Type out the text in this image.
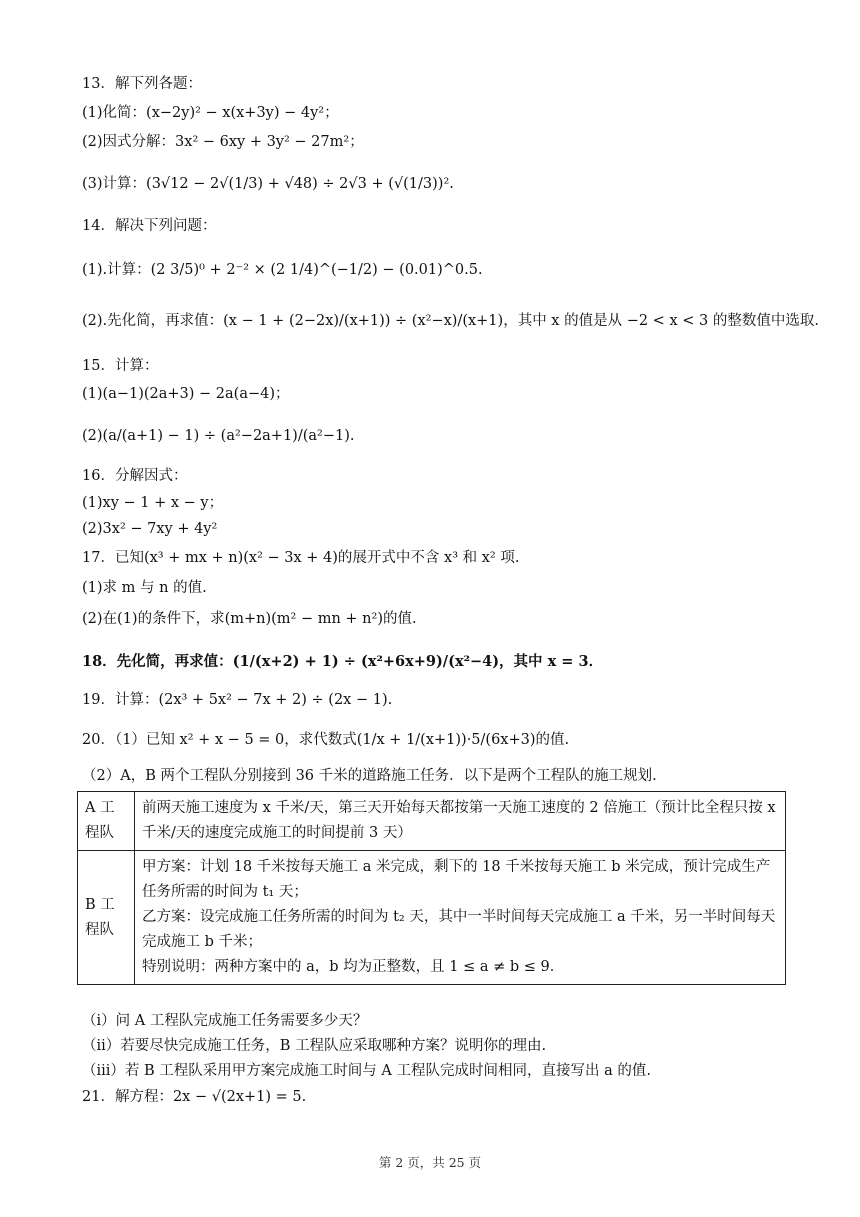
13．解下列各题：
(1)化简：(x−2y)² − x(x+3y) − 4y²；
(2)因式分解：3x² − 6xy + 3y² − 27m²；
(3)计算：(3√12 − 2√(1/3) + √48) ÷ 2√3 + (√(1/3))².
14．解决下列问题：
(1).计算：(2 3/5)⁰ + 2⁻² × (2 1/4)^(−1/2) − (0.01)^0.5.
(2).先化简，再求值：(x − 1 + (2−2x)/(x+1)) ÷ (x²−x)/(x+1)，其中 x 的值是从 −2 < x < 3 的整数值中选取.
15．计算：
(1)(a−1)(2a+3) − 2a(a−4)；
(2)(a/(a+1) − 1) ÷ (a²−2a+1)/(a²−1).
16．分解因式：
(1)xy − 1 + x − y；
(2)3x² − 7xy + 4y²
17．已知(x³ + mx + n)(x² − 3x + 4)的展开式中不含 x³ 和 x² 项.
(1)求 m 与 n 的值.
(2)在(1)的条件下，求(m+n)(m² − mn + n²)的值.
18．先化简，再求值：(1/(x+2) + 1) ÷ (x²+6x+9)/(x²−4)，其中 x = 3．
19．计算：(2x³ + 5x² − 7x + 2) ÷ (2x − 1).
20．（1）已知 x² + x − 5 = 0，求代数式(1/x + 1/(x+1))·5/(6x+3)的值.
（2）A，B 两个工程队分别接到 36 千米的道路施工任务．以下是两个工程队的施工规划.
A 工程队	前两天施工速度为 x 千米/天，第三天开始每天都按第一天施工速度的 2 倍施工（预计比全程只按 x 千米/天的速度完成施工的时间提前 3 天）
B 工程队	甲方案：计划 18 千米按每天施工 a 米完成，剩下的 18 千米按每天施工 b 米完成，预计完成生产任务所需的时间为 t₁ 天；
乙方案：设完成施工任务所需的时间为 t₂ 天，其中一半时间每天完成施工 a 千米，另一半时间每天完成施工 b 千米；
特别说明：两种方案中的 a，b 均为正整数，且 1 ≤ a ≠ b ≤ 9．
（i）问 A 工程队完成施工任务需要多少天？
（ii）若要尽快完成施工任务，B 工程队应采取哪种方案？说明你的理由.
（iii）若 B 工程队采用甲方案完成施工时间与 A 工程队完成时间相同，直接写出 a 的值.
21．解方程：2x − √(2x+1) = 5.
第 2 页，共 25 页
